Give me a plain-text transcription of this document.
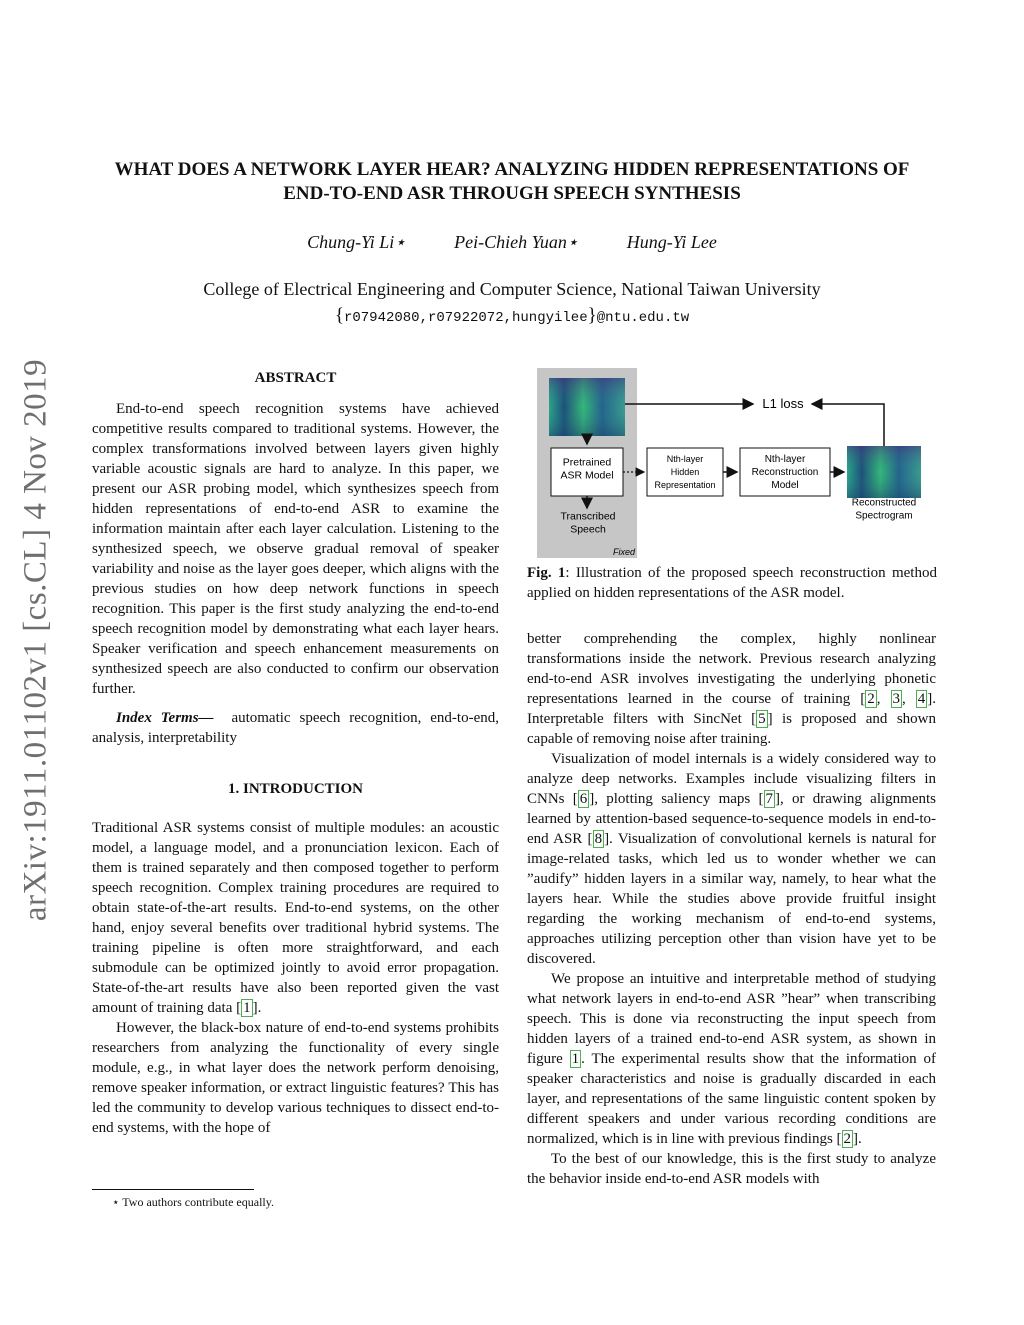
arXiv:1911.01102v1 [cs.CL] 4 Nov 2019
WHAT DOES A NETWORK LAYER HEAR? ANALYZING HIDDEN REPRESENTATIONS OF
END-TO-END ASR THROUGH SPEECH SYNTHESIS
Chung-Yi Li⋆	Pei-Chieh Yuan⋆	Hung-Yi Lee
College of Electrical Engineering and Computer Science, National Taiwan University
{r07942080,r07922072,hungyilee}@ntu.edu.tw
ABSTRACT

End-to-end speech recognition systems have achieved competitive results compared to traditional systems. However, the complex transformations involved between layers given highly variable acoustic signals are hard to analyze. In this paper, we present our ASR probing model, which synthesizes speech from hidden representations of end-to-end ASR to examine the information maintain after each layer calculation. Listening to the synthesized speech, we observe gradual removal of speaker variability and noise as the layer goes deeper, which aligns with the previous studies on how deep network functions in speech recognition. This paper is the first study analyzing the end-to-end speech recognition model by demonstrating what each layer hears. Speaker verification and speech enhancement measurements on synthesized speech are also conducted to confirm our observation further.

Index Terms— automatic speech recognition, end-to-end, analysis, interpretability

1. INTRODUCTION

Traditional ASR systems consist of multiple modules: an acoustic model, a language model, and a pronunciation lexicon. Each of them is trained separately and then composed together to perform speech recognition. Complex training procedures are required to obtain state-of-the-art results. End-to-end systems, on the other hand, enjoy several benefits over traditional hybrid systems. The training pipeline is often more straightforward, and each submodule can be optimized jointly to avoid error propagation. State-of-the-art results have also been reported given the vast amount of training data [ 1 ].

However, the black-box nature of end-to-end systems prohibits researchers from analyzing the functionality of every single module, e.g., in what layer does the network perform denoising, remove speaker information, or extract linguistic features? This has led the community to develop various techniques to dissect end-to-end systems, with the hope of

⋆ Two authors contribute equally.
Pretrained ASR Model
Transcribed Speech
Fixed
Nth-layer Hidden Representation
Nth-layer Reconstruction Model
Reconstructed Spectrogram
L1 loss
Fig. 1: Illustration of the proposed speech reconstruction method applied on hidden representations of the ASR model.

better comprehending the complex, highly nonlinear transformations inside the network. Previous research analyzing end-to-end ASR involves investigating the underlying phonetic representations learned in the course of training [ 2 , 3 , 4 ]. Interpretable filters with SincNet [ 5 ] is proposed and shown capable of removing noise after training.

Visualization of model internals is a widely considered way to analyze deep networks. Examples include visualizing filters in CNNs [ 6 ], plotting saliency maps [ 7 ], or drawing alignments learned by attention-based sequence-to-sequence models in end-to-end ASR [ 8 ]. Visualization of convolutional kernels is natural for image-related tasks, which led us to wonder whether we can ”audify” hidden layers in a similar way, namely, to hear what the layers hear. While the studies above provide fruitful insight regarding the working mechanism of end-to-end systems, approaches utilizing perception other than vision have yet to be discovered.

We propose an intuitive and interpretable method of studying what network layers in end-to-end ASR ”hear” when transcribing speech. This is done via reconstructing the input speech from hidden layers of a trained end-to-end ASR system, as shown in figure 1 . The experimental results show that the information of speaker characteristics and noise is gradually discarded in each layer, and representations of the same linguistic content spoken by different speakers and under various recording conditions are normalized, which is in line with previous findings [ 2 ].

To the best of our knowledge, this is the first study to analyze the behavior inside end-to-end ASR models with
